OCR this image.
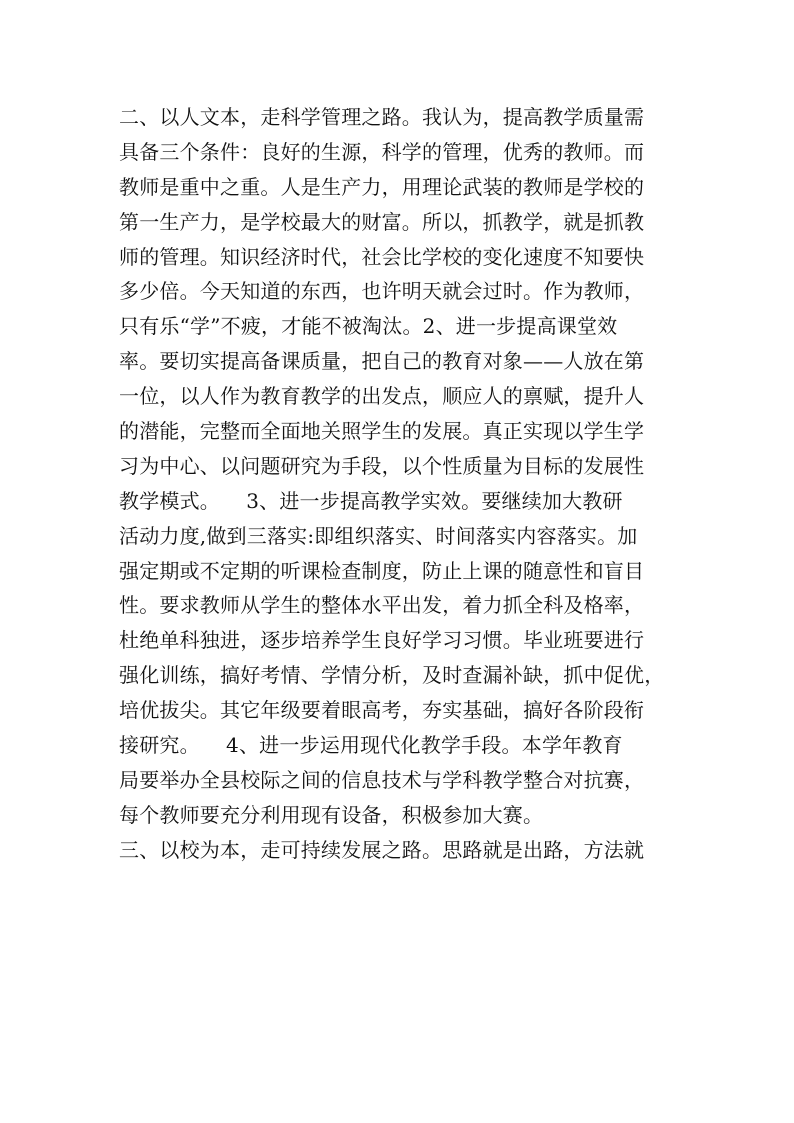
二、以人文本，走科学管理之路。我认为，提高教学质量需
具备三个条件：良好的生源，科学的管理，优秀的教师。而
教师是重中之重。人是生产力，用理论武装的教师是学校的
第一生产力，是学校最大的财富。所以，抓教学，就是抓教
师的管理。知识经济时代，社会比学校的变化速度不知要快
多少倍。今天知道的东西，也许明天就会过时。作为教师，
只有乐“学”不疲，才能不被淘汰。2、进一步提高课堂效
率。要切实提高备课质量，把自己的教育对象——人放在第
一位，以人作为教育教学的出发点，顺应人的禀赋，提升人
的潜能，完整而全面地关照学生的发展。真正实现以学生学
习为中心、以问题研究为手段，以个性质量为目标的发展性
教学模式。    3、进一步提高教学实效。要继续加大教研
活动力度,做到三落实:即组织落实、时间落实内容落实。加
强定期或不定期的听课检查制度，防止上课的随意性和盲目
性。要求教师从学生的整体水平出发，着力抓全科及格率，
杜绝单科独进，逐步培养学生良好学习习惯。毕业班要进行
强化训练，搞好考情、学情分析，及时查漏补缺，抓中促优，
培优拔尖。其它年级要着眼高考，夯实基础，搞好各阶段衔
接研究。    4、进一步运用现代化教学手段。本学年教育
局要举办全县校际之间的信息技术与学科教学整合对抗赛，
每个教师要充分利用现有设备，积极参加大赛。
三、以校为本，走可持续发展之路。思路就是出路，方法就
